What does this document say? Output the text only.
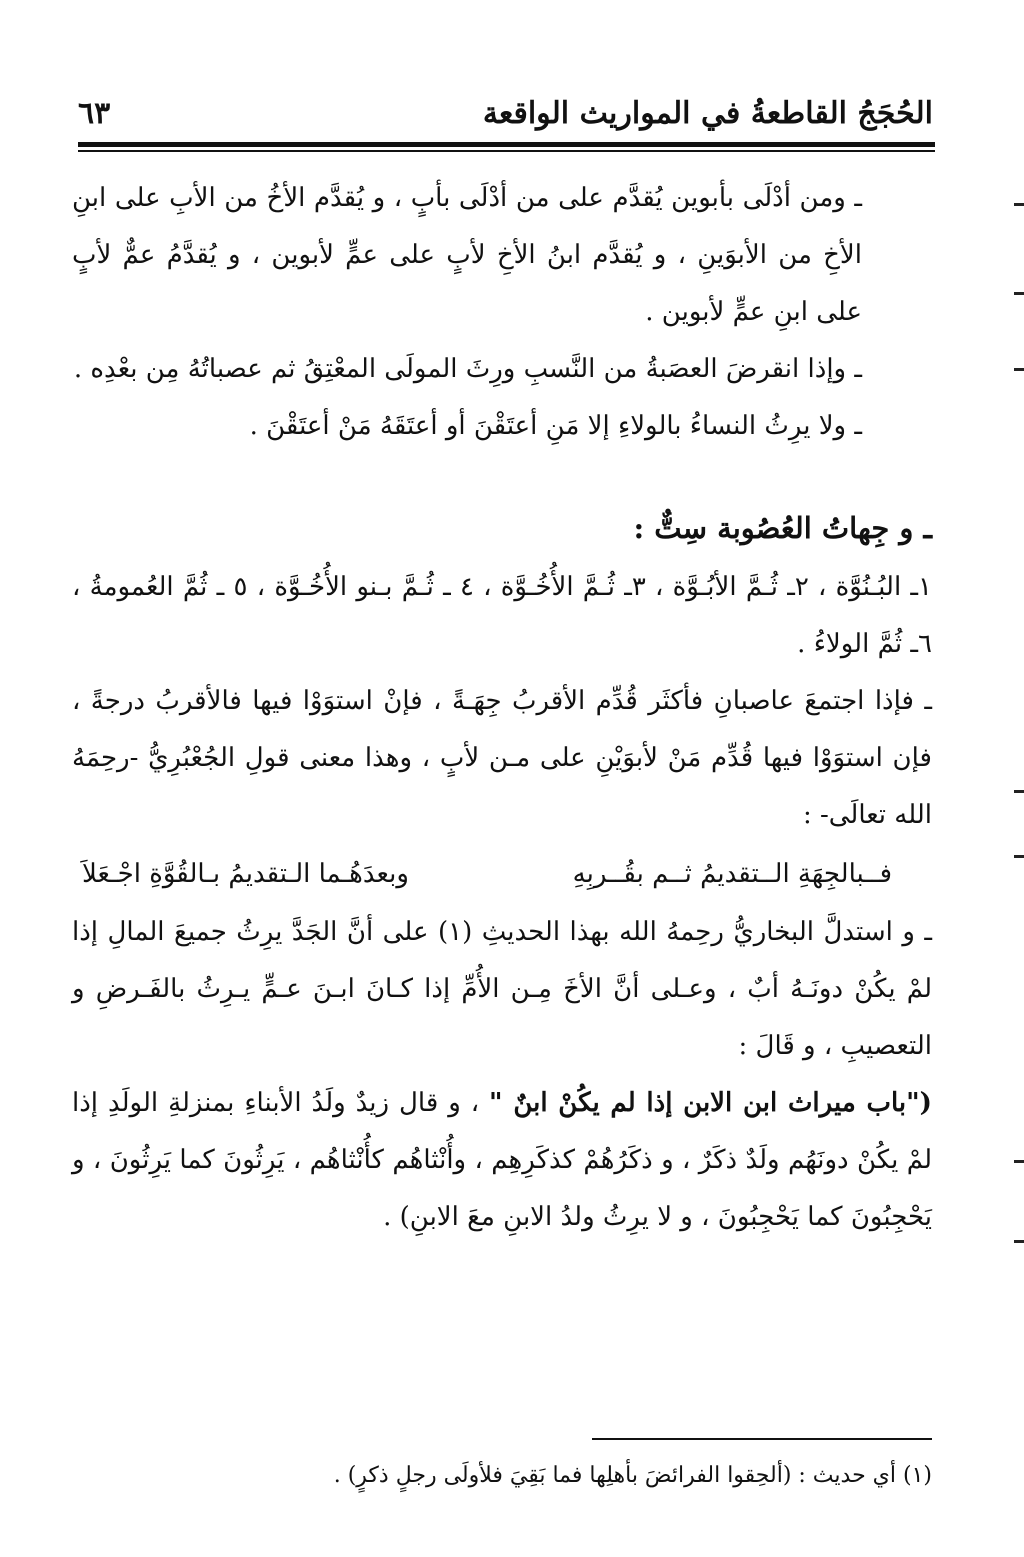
الحُجَجُ القاطعةُ في المواريث الواقعة
٦٣

ـ ومن أدْلَى بأبوين يُقدَّم على من أدْلَى بأبٍ ، و يُقدَّم الأخُ من الأبِ على ابنِ الأخِ من الأبوَينِ ، و يُقدَّم ابنُ الأخِ لأبٍ على عمٍّ لأبوين ، و يُقدَّمُ عمٌّ لأبٍ على ابنِ عمٍّ لأبوين .

ـ وإذا انقرضَ العصَبةُ من النَّسبِ ورِثَ المولَى المعْتِقُ ثم عصباتُهُ مِن بعْدِه .

ـ ولا يرِثُ النساءُ بالولاءِ إلا مَنِ أعتَقْنَ أو أعتَقَهُ مَنْ أعتَقْنَ .

ـ و جِهاتُ العُصُوبة سِتٌّ :

١ـ البُـنُوَّة ، ٢ـ ثُـمَّ الأبُـوَّة ، ٣ـ ثُـمَّ الأُخُـوَّة ، ٤ ـ ثُـمَّ بـنو الأُخُـوَّة ، ٥ ـ ثُمَّ العُمومةُ ، ٦ـ ثُمَّ الولاءُ .

ـ فإذا اجتمعَ عاصبانِ فأكثَر قُدِّم الأقربُ جِهَـةً ، فإنْ استوَوْا فيها فالأقربُ درجةً ، فإن استوَوْا فيها قُدِّم مَنْ لأبوَيْنِ على مـن لأبٍ ، وهذا معنى قولِ الجُعْبُرِيُّ -رحِمَهُ الله تعالَى- :

فــبالجِهَةِ الــتقديمُ ثــم بقُــربِهِ
وبعدَهُـما الـتقديمُ بـالقُوَّةِ اجْـعَلاَ

ـ و استدلَّ البخاريُّ رحِمهُ الله بهذا الحديثِ (١) على أنَّ الجَدَّ يرِثُ جميعَ المالِ إذا لمْ يكُنْ دونَـهُ أبٌ ، وعـلى أنَّ الأخَ مِـن الأُمِّ إذا كـانَ ابـنَ عـمٍّ يـرِثُ بالفَـرضِ و التعصيبِ ، و قَالَ :

("باب ميراث ابن الابن إذا لم يكُنْ ابنٌ " ، و قال زيدٌ ولَدُ الأبناءِ بمنزلةِ الولَدِ إذا لمْ يكُنْ دونَهُم ولَدٌ ذكَرٌ ، و ذكَرُهُمْ كذكَرِهِم ، وأُنْثاهُم كأُنْثاهُم ، يَرِثُونَ كما يَرِثُونَ ، و يَحْجِبُونَ كما يَحْجِبُونَ ، و لا يرِثُ ولدُ الابنِ معَ الابنِ) .

(١) أي حديث : (ألحِقوا الفرائضَ بأهلِها فما بَقِيَ فلأولَى رجلٍ ذكرٍ) .
